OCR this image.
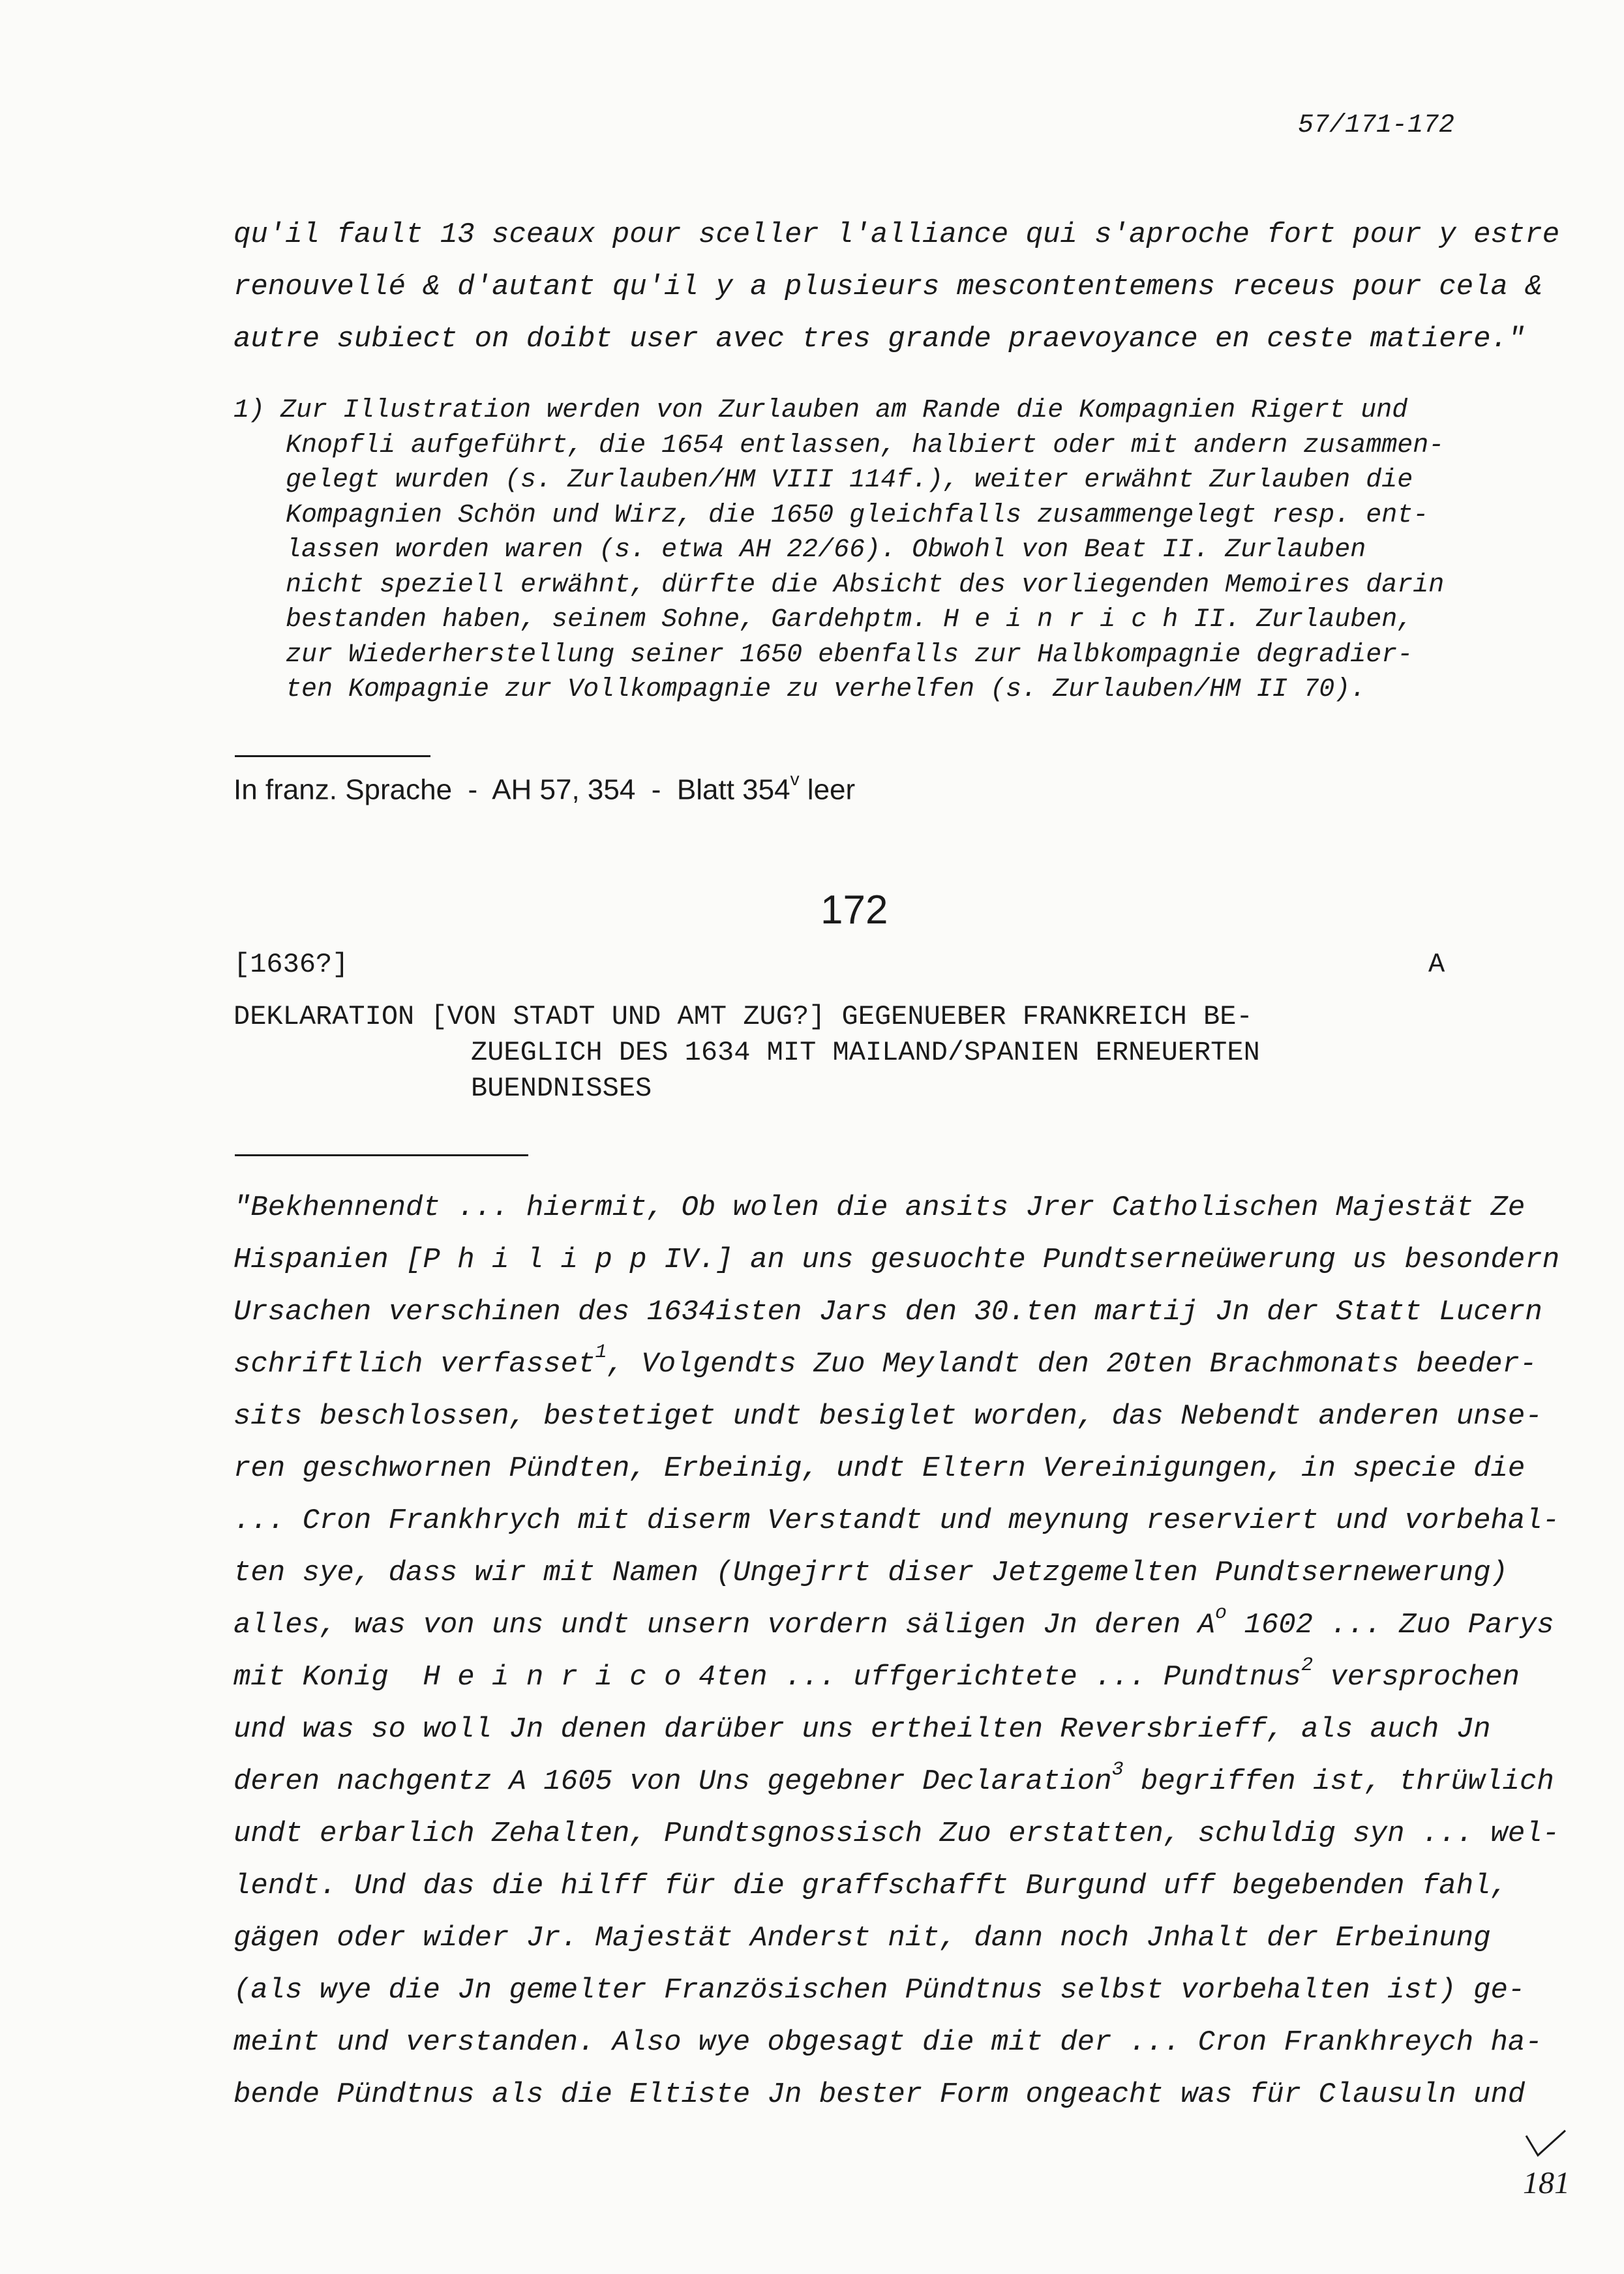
57/171-172
qu'il fault 13 sceaux pour sceller l'alliance qui s'aproche fort pour y estre
renouvellé & d'autant qu'il y a plusieurs mescontentemens receus pour cela &
autre subiect on doibt user avec tres grande praevoyance en ceste matiere."
1) Zur Illustration werden von Zurlauben am Rande die Kompagnien Rigert und
Knopfli aufgeführt, die 1654 entlassen, halbiert oder mit andern zusammen-
gelegt wurden (s. Zurlauben/HM VIII 114f.), weiter erwähnt Zurlauben die
Kompagnien Schön und Wirz, die 1650 gleichfalls zusammengelegt resp. ent-
lassen worden waren (s. etwa AH 22/66). Obwohl von Beat II. Zurlauben
nicht speziell erwähnt, dürfte die Absicht des vorliegenden Memoires darin
bestanden haben, seinem Sohne, Gardehptm. H e i n r i c h II. Zurlauben,
zur Wiederherstellung seiner 1650 ebenfalls zur Halbkompagnie degradier-
ten Kompagnie zur Vollkompagnie zu verhelfen (s. Zurlauben/HM II 70).
In franz. Sprache  -  AH 57, 354  -  Blatt 354$^v$ leer
172
[1636?]	A
DEKLARATION [VON STADT UND AMT ZUG?] GEGENUEBER FRANKREICH BE-
ZUEGLICH DES 1634 MIT MAILAND/SPANIEN ERNEUERTEN
BUENDNISSES
"Bekhennendt ... hiermit, Ob wolen die ansits Jrer Catholischen Majestät Ze
Hispanien [P h i l i p p IV.] an uns gesuochte Pundtserneüwerung us besondern
Ursachen verschinen des 1634isten Jars den 30.ten martij Jn der Statt Lucern
schriftlich verfasset$^1$, Volgendts Zuo Meylandt den 20ten Brachmonats beeder-
sits beschlossen, bestetiget undt besiglet worden, das Nebendt anderen unse-
ren geschwornen Pündten, Erbeinig, undt Eltern Vereinigungen, in specie die
... Cron Frankhrych mit diserm Verstandt und meynung reserviert und vorbehal-
ten sye, dass wir mit Namen (Ungejrrt diser Jetzgemelten Pundtsernewerung)
alles, was von uns undt unsern vordern säligen Jn deren $A^o$ 1602 ... Zuo Parys
mit Konig  H e i n r i c o 4ten ... uffgerichtete ... Pundtnus$^2$ versprochen
und was so woll Jn denen darüber uns ertheilten Reversbrieff, als auch Jn
deren nachgentz A 1605 von Uns gegebner Declaration$^3$ begriffen ist, thrüwlich
undt erbarlich Zehalten, Pundtsgnossisch Zuo erstatten, schuldig syn ... wel-
lendt. Und das die hilff für die graffschafft Burgund uff begebenden fahl,
gägen oder wider Jr. Majestät Anderst nit, dann noch Jnhalt der Erbeinung
(als wye die Jn gemelter Französischen Pündtnus selbst vorbehalten ist) ge-
meint und verstanden. Also wye obgesagt die mit der ... Cron Frankhreych ha-
bende Pündtnus als die Eltiste Jn bester Form ongeacht was für Clausuln und
181
